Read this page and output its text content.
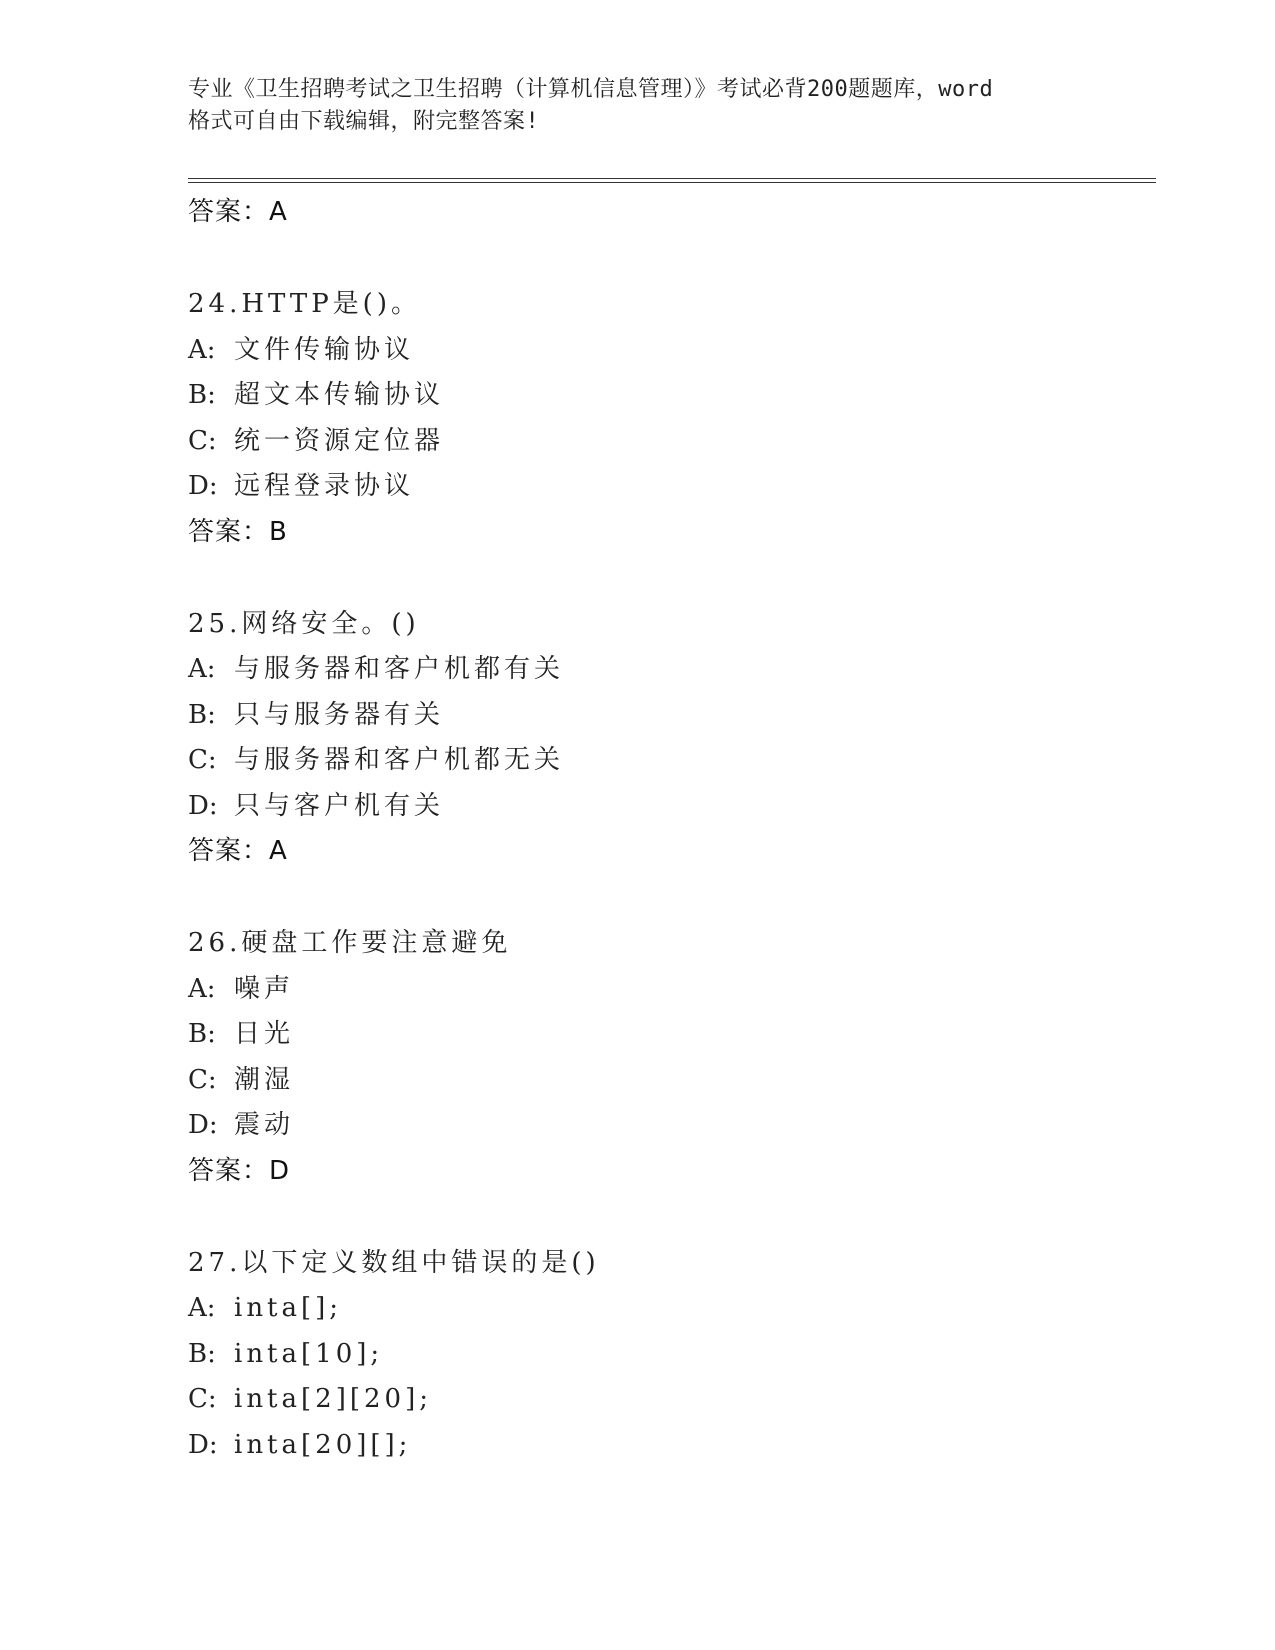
专业《卫生招聘考试之卫生招聘（计算机信息管理）》考试必背200题题库，word
格式可自由下载编辑，附完整答案!
答案：A
24.HTTP是()。
A: 文件传输协议
B: 超文本传输协议
C: 统一资源定位器
D: 远程登录协议
答案：B
25.网络安全。()
A: 与服务器和客户机都有关
B: 只与服务器有关
C: 与服务器和客户机都无关
D: 只与客户机有关
答案：A
26.硬盘工作要注意避免
A: 噪声
B: 日光
C: 潮湿
D: 震动
答案：D
27.以下定义数组中错误的是()
A: inta[];
B: inta[10];
C: inta[2][20];
D: inta[20][];
